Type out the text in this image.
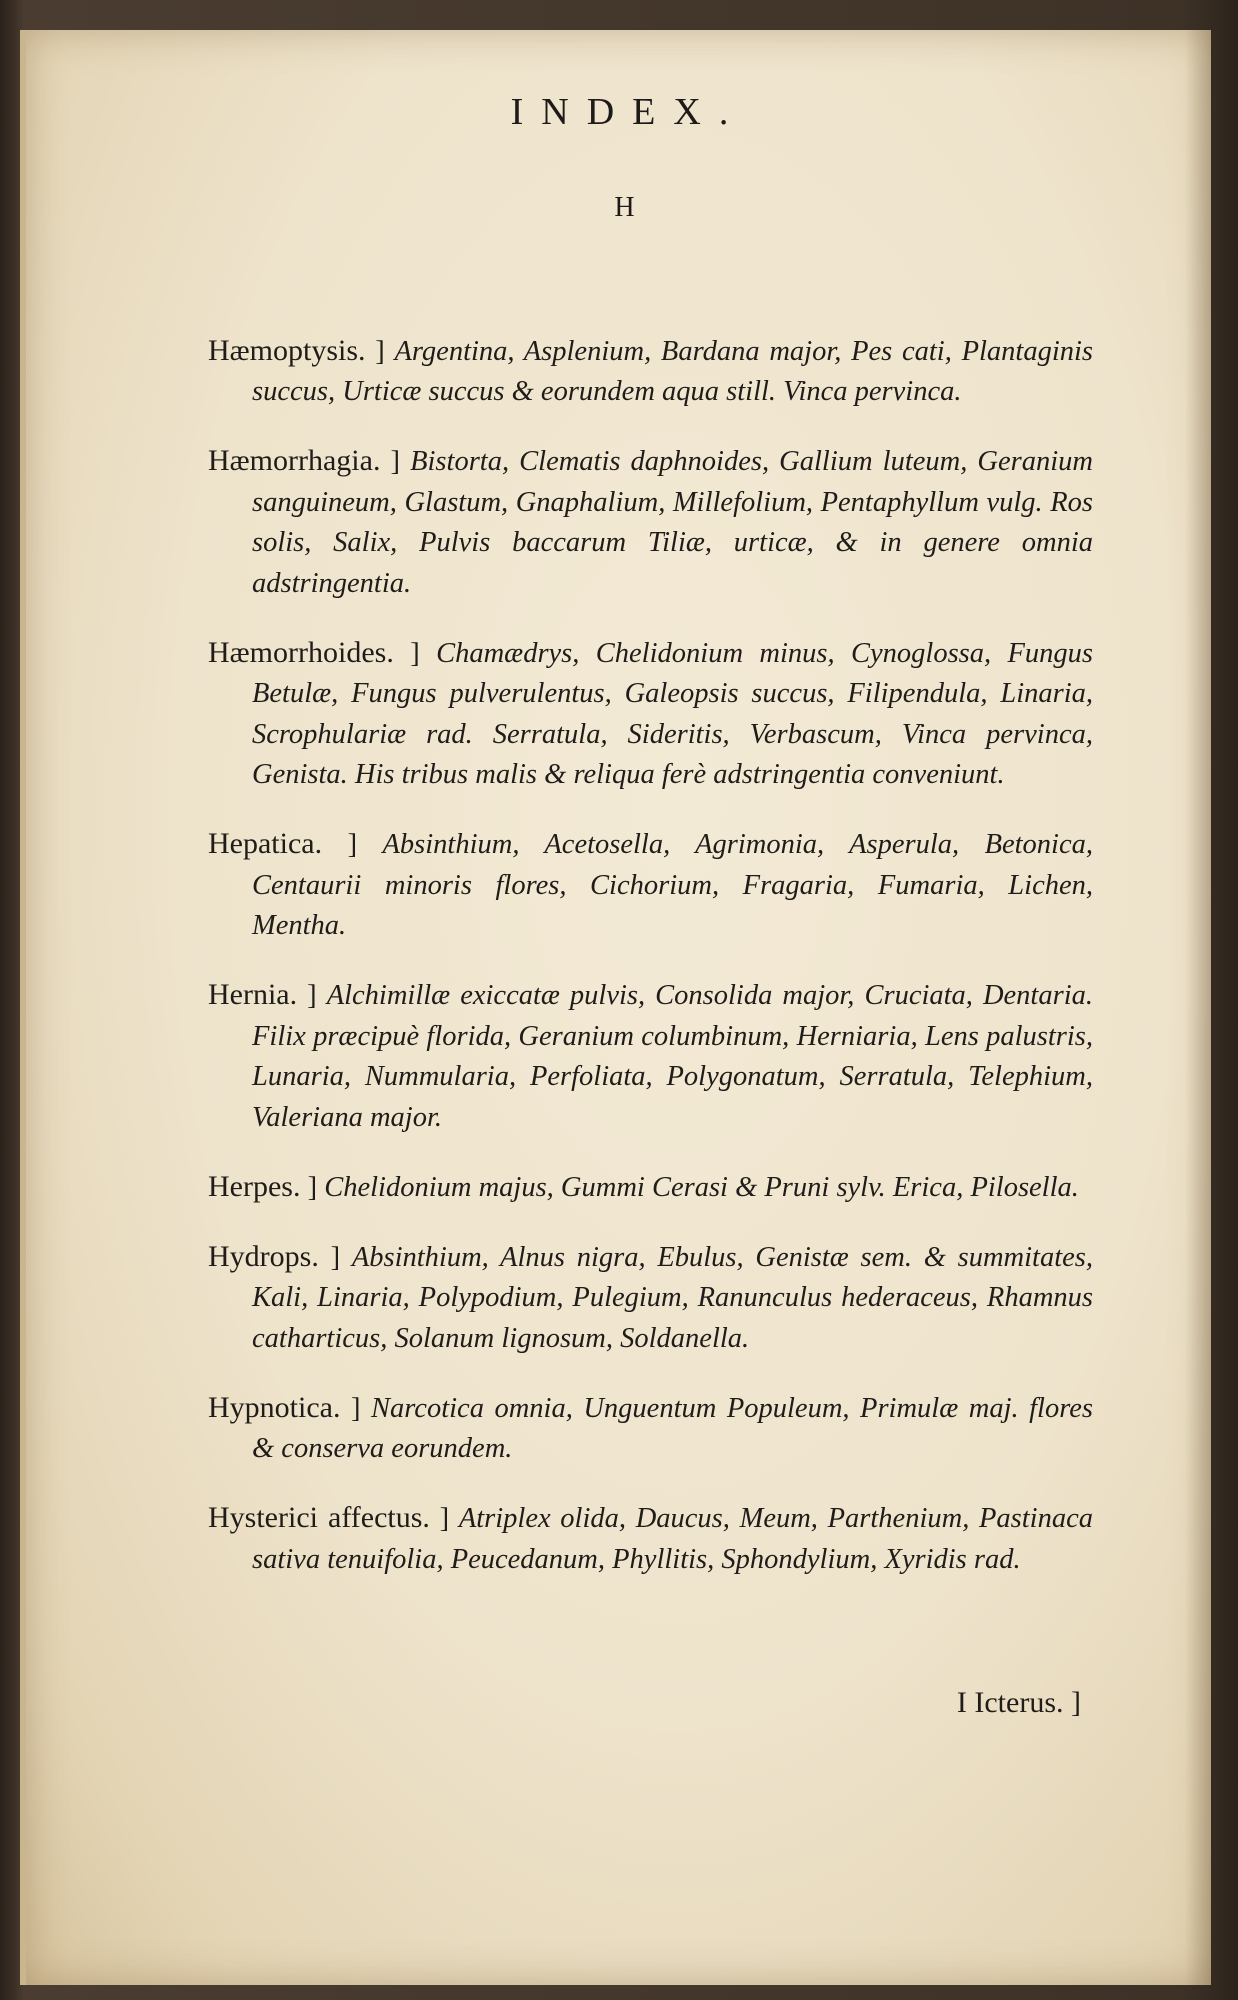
INDEX.
H

Hæmoptysis. ] Argentina, Asplenium, Bardana major, Pes cati, Plantaginis succus, Urticæ succus & eorundem aqua still. Vinca pervinca.

Hæmorrhagia. ] Bistorta, Clematis daphnoides, Gallium luteum, Geranium sanguineum, Glastum, Gnaphalium, Millefolium, Pentaphyllum vulg. Ros solis, Salix, Pulvis baccarum Tiliæ, urticæ, & in genere omnia adstringentia.

Hæmorrhoides. ] Chamædrys, Chelidonium minus, Cynoglossa, Fungus Betulæ, Fungus pulverulentus, Galeopsis succus, Filipendula, Linaria, Scrophulariæ rad. Serratula, Sideritis, Verbascum, Vinca pervinca, Genista. His tribus malis & reliqua ferè adstringentia conveniunt.

Hepatica. ] Absinthium, Acetosella, Agrimonia, Asperula, Betonica, Centaurii minoris flores, Cichorium, Fragaria, Fumaria, Lichen, Mentha.

Hernia. ] Alchimillæ exiccatæ pulvis, Consolida major, Cruciata, Dentaria. Filix præcipuè florida, Geranium columbinum, Herniaria, Lens palustris, Lunaria, Nummularia, Perfoliata, Polygonatum, Serratula, Telephium, Valeriana major.

Herpes. ] Chelidonium majus, Gummi Cerasi & Pruni sylv. Erica, Pilosella.

Hydrops. ] Absinthium, Alnus nigra, Ebulus, Genistæ sem. & summitates, Kali, Linaria, Polypodium, Pulegium, Ranunculus hederaceus, Rhamnus catharticus, Solanum lignosum, Soldanella.

Hypnotica. ] Narcotica omnia, Unguentum Populeum, Primulæ maj. flores & conserva eorundem.

Hysterici affectus. ] Atriplex olida, Daucus, Meum, Parthenium, Pastinaca sativa tenuifolia, Peucedanum, Phyllitis, Sphondylium, Xyridis rad.

I Icterus. ]
